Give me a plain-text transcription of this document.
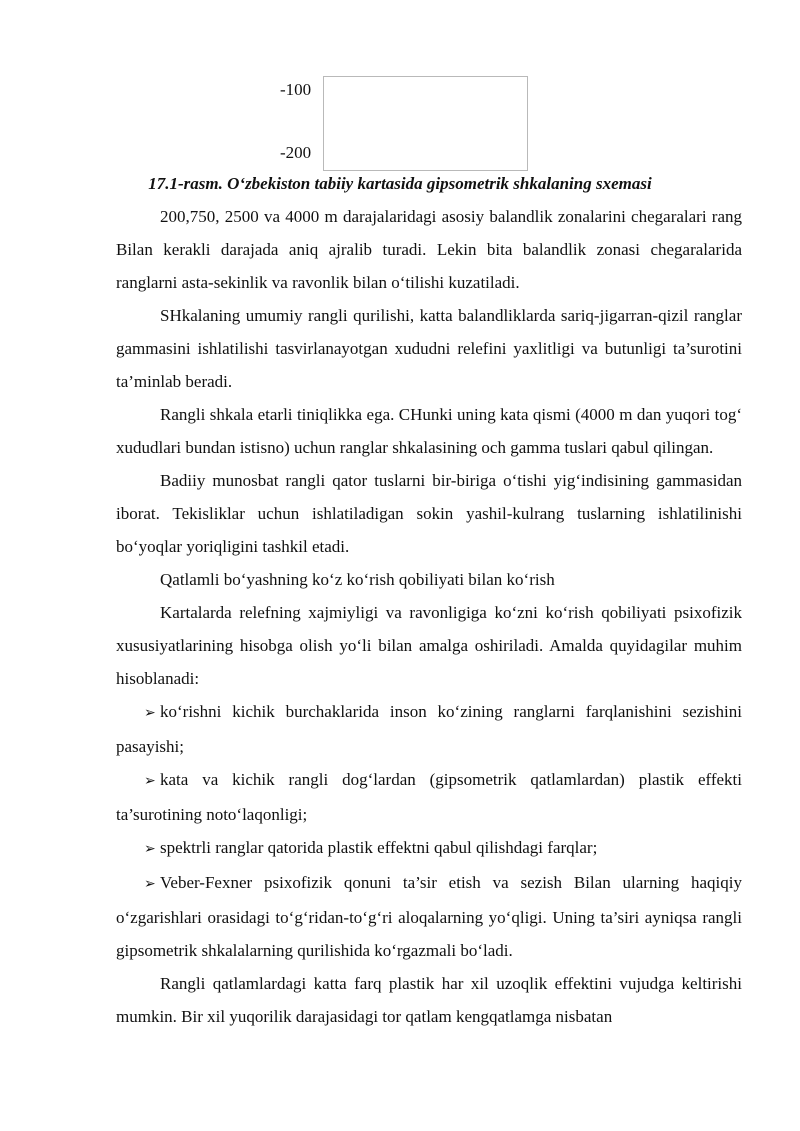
-100
-200
17.1-rasm. O‘zbekiston tabiiy kartasida gipsometrik shkalaning sxemasi

200,750, 2500 va 4000 m darajalaridagi asosiy balandlik zonalarini chegaralari rang Bilan kerakli darajada aniq ajralib turadi. Lekin bita balandlik zonasi chegaralarida ranglarni asta-sekinlik va ravonlik bilan o‘tilishi kuzatiladi.

SHkalaning umumiy rangli qurilishi, katta balandliklarda sariq-jigarran-qizil ranglar gammasini ishlatilishi tasvirlanayotgan xududni relefini yaxlitligi va butunligi ta’surotini ta’minlab beradi.

Rangli shkala etarli tiniqlikka ega. CHunki uning kata qismi (4000 m dan yuqori tog‘ xududlari bundan istisno) uchun ranglar shkalasining och gamma tuslari qabul qilingan.

Badiiy munosbat rangli qator tuslarni bir-biriga o‘tishi yig‘indisining gammasidan iborat. Tekisliklar uchun ishlatiladigan sokin yashil-kulrang tuslarning ishlatilinishi bo‘yoqlar yoriqligini tashkil etadi.

Qatlamli bo‘yashning ko‘z ko‘rish qobiliyati bilan ko‘rish

Kartalarda relefning xajmiyligi va ravonligiga ko‘zni ko‘rish qobiliyati psixofizik xususiyatlarining hisobga olish yo‘li bilan amalga oshiriladi. Amalda quyidagilar muhim hisoblanadi:

➢ ko‘rishni kichik burchaklarida inson ko‘zining ranglarni farqlanishini sezishini pasayishi;

➢ kata va kichik rangli dog‘lardan (gipsometrik qatlamlardan) plastik effekti ta’surotining noto‘laqonligi;

➢ spektrli ranglar qatorida plastik effektni qabul qilishdagi farqlar;

➢ Veber-Fexner psixofizik qonuni ta’sir etish va sezish Bilan ularning haqiqiy o‘zgarishlari orasidagi to‘g‘ridan-to‘g‘ri aloqalarning yo‘qligi. Uning ta’siri ayniqsa rangli gipsometrik shkalalarning qurilishida ko‘rgazmali bo‘ladi.

Rangli qatlamlardagi katta farq plastik har xil uzoqlik effektini vujudga keltirishi mumkin. Bir xil yuqorilik darajasidagi tor qatlam kengqatlamga nisbatan
